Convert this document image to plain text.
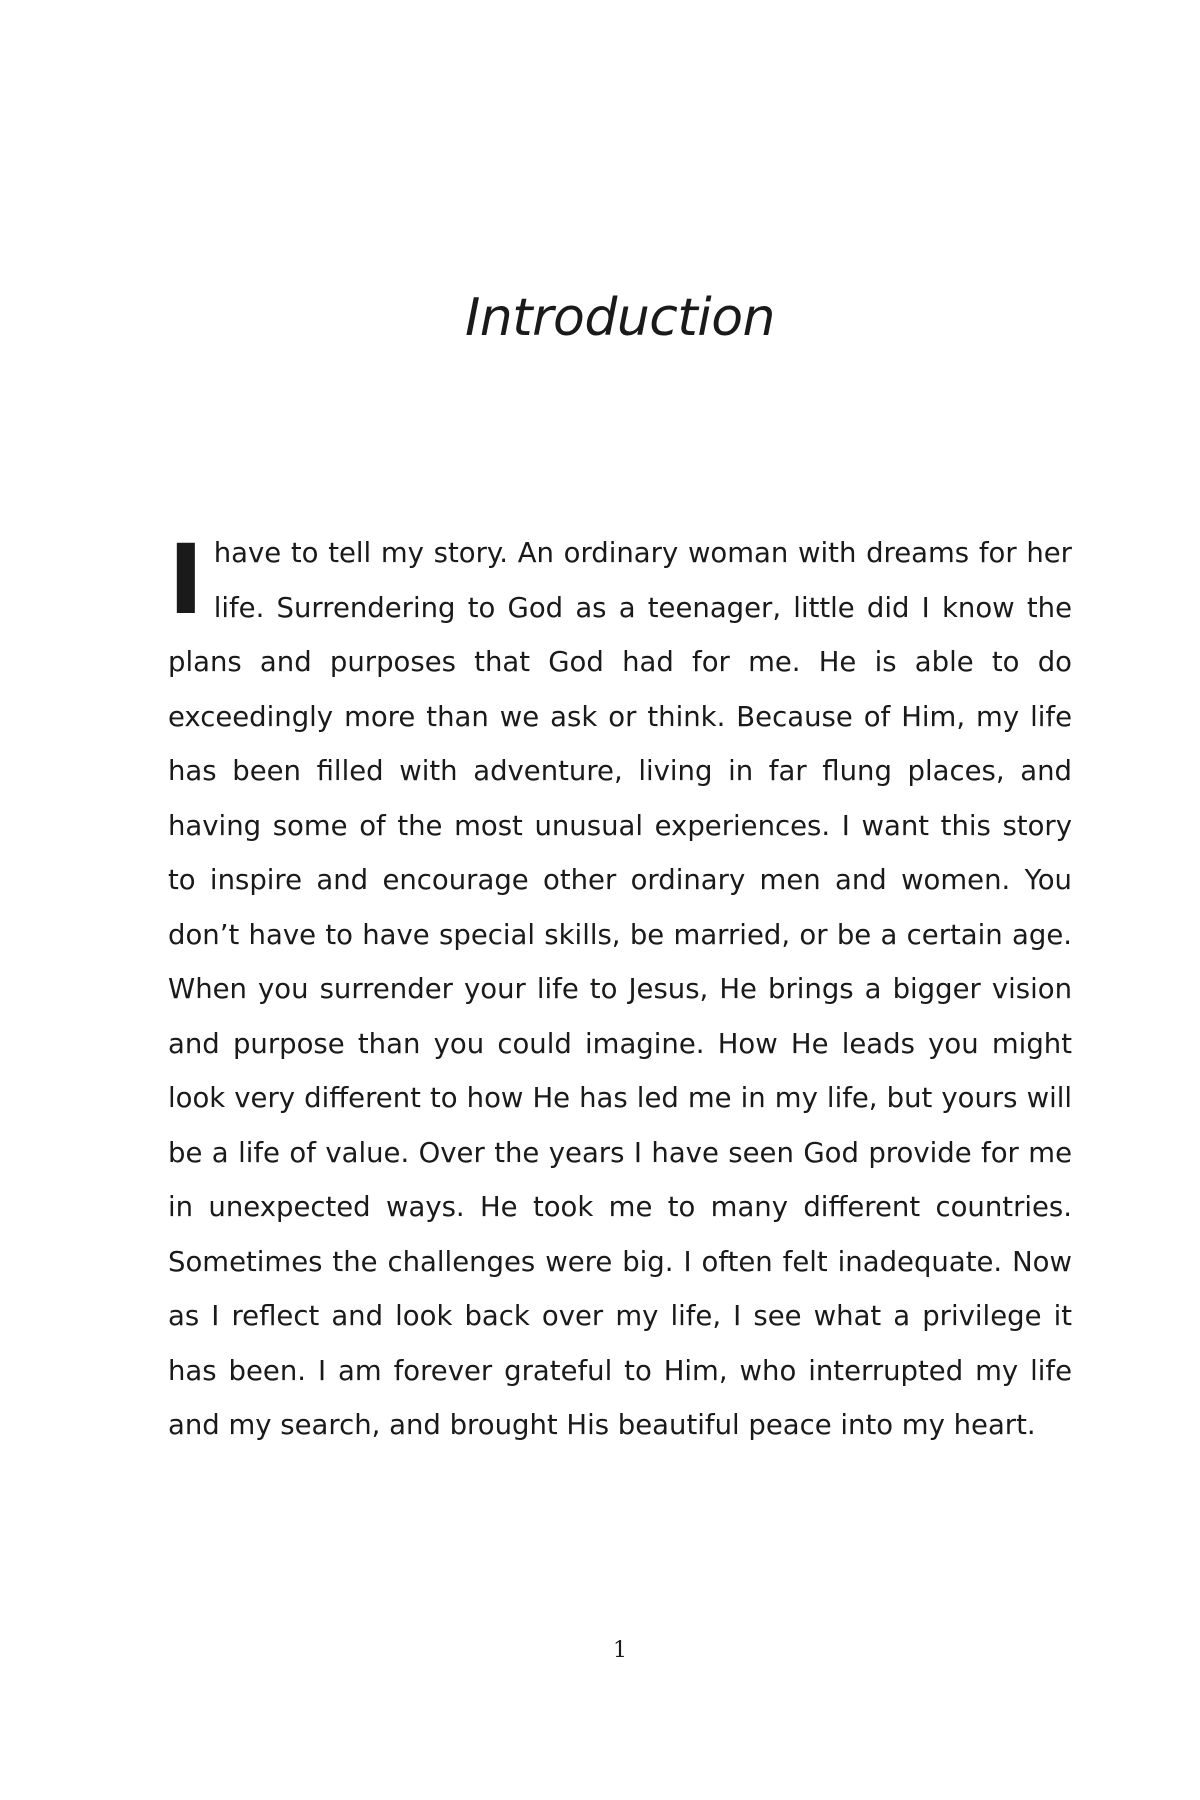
Introduction

I have to tell my story. An ordinary woman with dreams for her life. Surrendering to God as a teenager, little did I know the plans and purposes that God had for me. He is able to do exceedingly more than we ask or think. Because of Him, my life has been filled with adventure, living in far flung places, and having some of the most unusual experiences. I want this story to inspire and encourage other ordinary men and women. You don’t have to have special skills, be married, or be a certain age. When you surrender your life to Jesus, He brings a bigger vision and purpose than you could imagine. How He leads you might look very different to how He has led me in my life, but yours will be a life of value. Over the years I have seen God provide for me in unexpected ways. He took me to many different countries. Sometimes the challenges were big. I often felt inadequate. Now as I reflect and look back over my life, I see what a privilege it has been. I am forever grateful to Him, who interrupted my life and my search, and brought His beautiful peace into my heart.

1
